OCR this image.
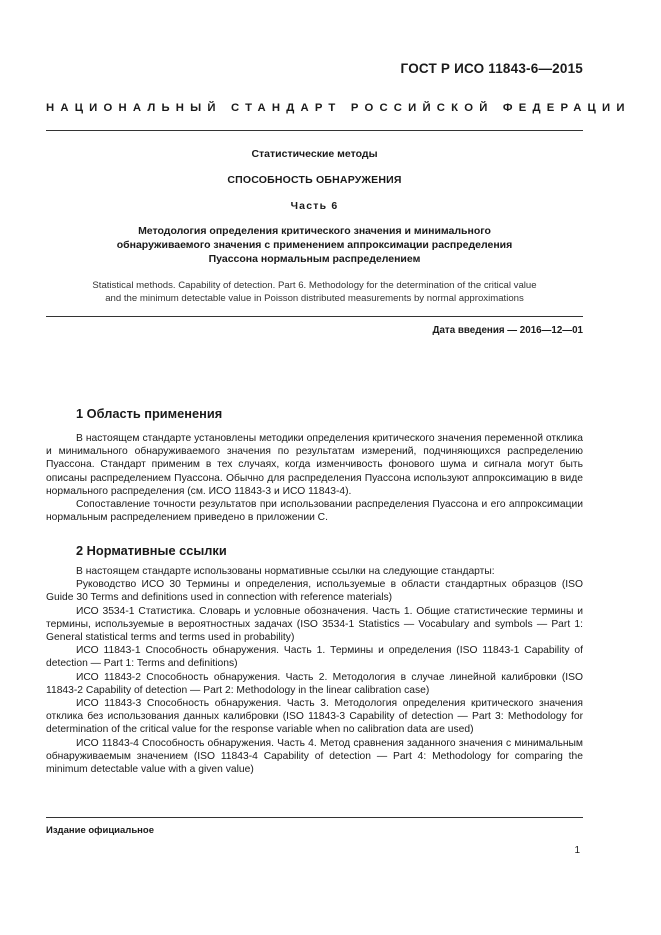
ГОСТ Р ИСО 11843-6—2015
НАЦИОНАЛЬНЫЙ СТАНДАРТ РОССИЙСКОЙ ФЕДЕРАЦИИ
Статистические методы
СПОСОБНОСТЬ ОБНАРУЖЕНИЯ
Часть 6
Методология определения критического значения и минимального
обнаруживаемого значения с применением аппроксимации распределения
Пуассона нормальным распределением
Statistical methods. Capability of detection. Part 6. Methodology for the determination of the critical value
and the minimum detectable value in Poisson distributed measurements by normal approximations
Дата введения — 2016—12—01
1 Область применения

В настоящем стандарте установлены методики определения критического значения переменной отклика и минимального обнаруживаемого значения по результатам измерений, подчиняющихся распределению Пуассона. Стандарт применим в тех случаях, когда изменчивость фонового шума и сигнала могут быть описаны распределением Пуассона. Обычно для распределения Пуассона используют аппроксимацию в виде нормального распределения (см. ИСО 11843-3 и ИСО 11843-4).

Сопоставление точности результатов при использовании распределения Пуассона и его аппроксимации нормальным распределением приведено в приложении С.

2 Нормативные ссылки

В настоящем стандарте использованы нормативные ссылки на следующие стандарты:

Руководство ИСО 30 Термины и определения, используемые в области стандартных образцов (ISO Guide 30 Terms and definitions used in connection with reference materials)

ИСО 3534-1 Статистика. Словарь и условные обозначения. Часть 1. Общие статистические термины и термины, используемые в вероятностных задачах (ISO 3534-1 Statistics — Vocabulary and symbols — Part 1: General statistical terms and terms used in probability)

ИСО 11843-1 Способность обнаружения. Часть 1. Термины и определения (ISO 11843-1 Capability of detection — Part 1: Terms and definitions)

ИСО 11843-2 Способность обнаружения. Часть 2. Методология в случае линейной калибровки (ISO 11843-2 Capability of detection — Part 2: Methodology in the linear calibration case)

ИСО 11843-3 Способность обнаружения. Часть 3. Методология определения критического значения отклика без использования данных калибровки (ISO 11843-3 Capability of detection — Part 3: Methodology for determination of the critical value for the response variable when no calibration data are used)

ИСО 11843-4 Способность обнаружения. Часть 4. Метод сравнения заданного значения с минимальным обнаруживаемым значением (ISO 11843-4 Capability of detection — Part 4: Methodology for comparing the minimum detectable value with a given value)

Издание официальное
1
